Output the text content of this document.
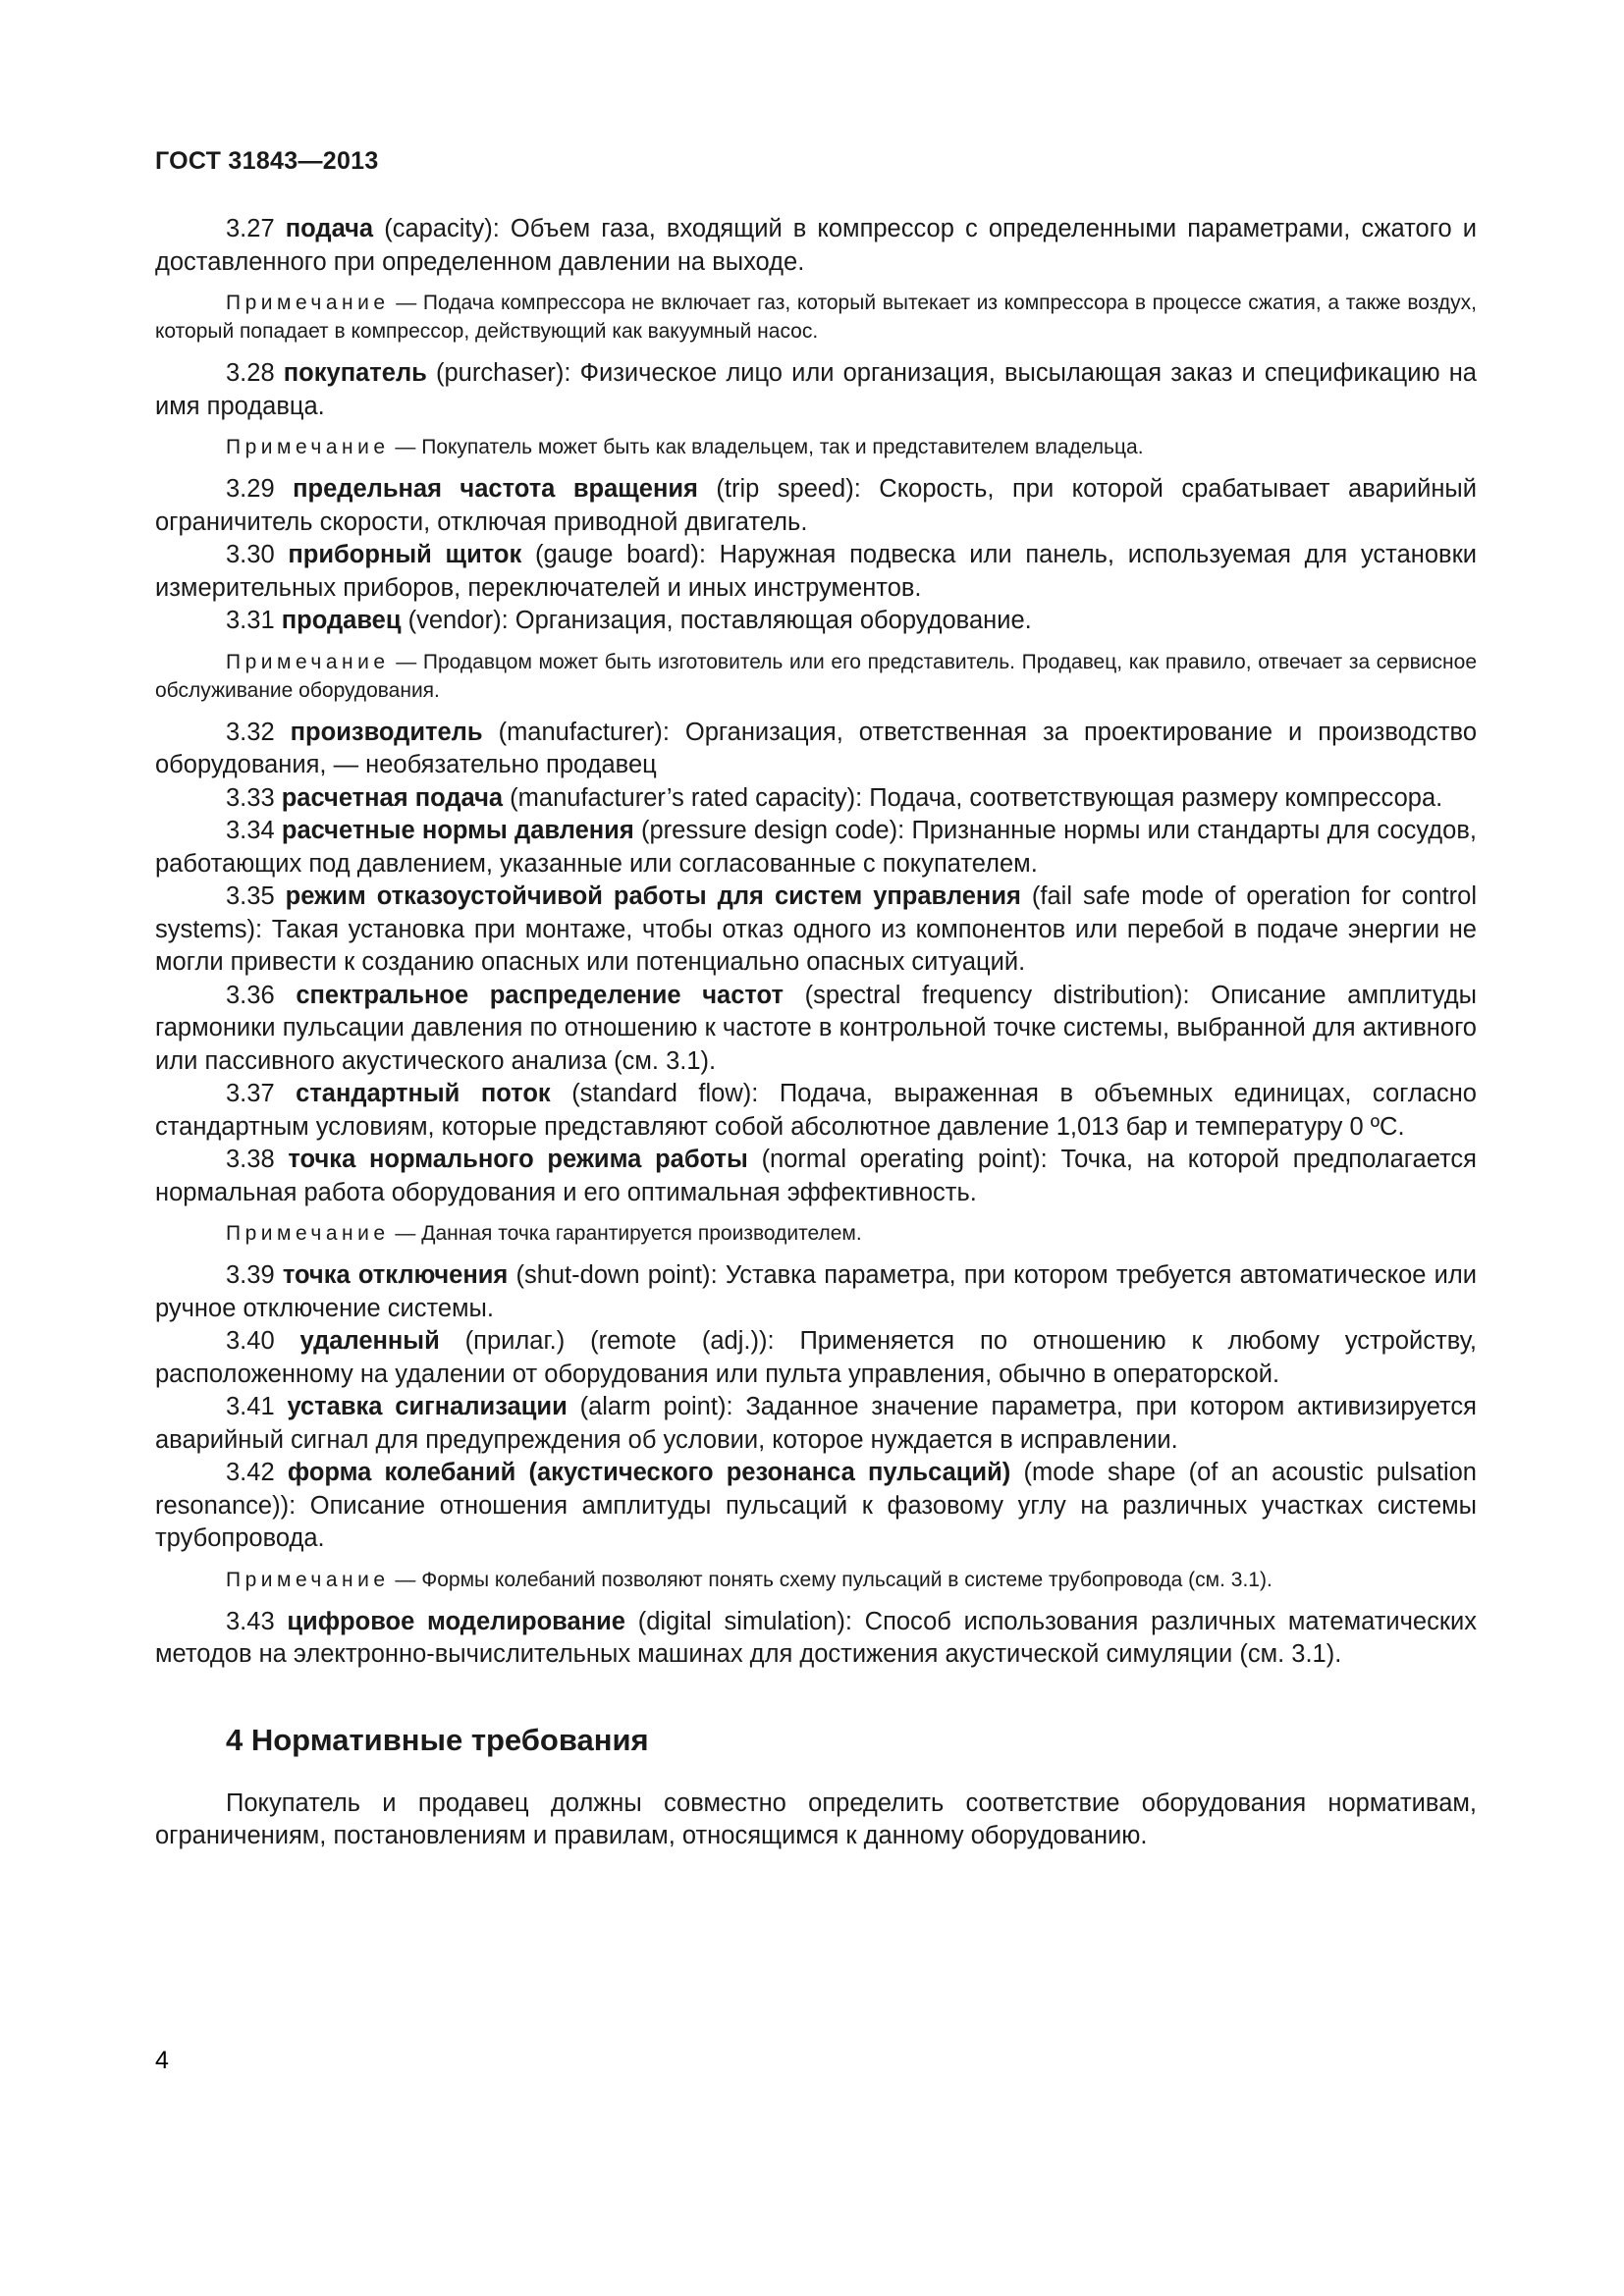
ГОСТ 31843—2013

3.27 подача (capacity): Объем газа, входящий в компрессор с определенными параметрами, сжатого и доставленного при определенном давлении на выходе.

Примечание — Подача компрессора не включает газ, который вытекает из компрессора в процессе сжатия, а также воздух, который попадает в компрессор, действующий как вакуумный насос.

3.28 покупатель (purchaser): Физическое лицо или организация, высылающая заказ и спецификацию на имя продавца.

Примечание — Покупатель может быть как владельцем, так и представителем владельца.

3.29 предельная частота вращения (trip speed): Скорость, при которой срабатывает аварийный ограничитель скорости, отключая приводной двигатель.

3.30 приборный щиток (gauge board): Наружная подвеска или панель, используемая для установки измерительных приборов, переключателей и иных инструментов.

3.31 продавец (vendor): Организация, поставляющая оборудование.

Примечание — Продавцом может быть изготовитель или его представитель. Продавец, как правило, отвечает за сервисное обслуживание оборудования.

3.32 производитель (manufacturer): Организация, ответственная за проектирование и производство оборудования, — необязательно продавец

3.33 расчетная подача (manufacturer’s rated capacity): Подача, соответствующая размеру компрессора.

3.34 расчетные нормы давления (pressure design code): Признанные нормы или стандарты для сосудов, работающих под давлением, указанные или согласованные с покупателем.

3.35 режим отказоустойчивой работы для систем управления (fail safe mode of operation for control systems): Такая установка при монтаже, чтобы отказ одного из компонентов или перебой в подаче энергии не могли привести к созданию опасных или потенциально опасных ситуаций.

3.36 спектральное распределение частот (spectral frequency distribution): Описание амплитуды гармоники пульсации давления по отношению к частоте в контрольной точке системы, выбранной для активного или пассивного акустического анализа (см. 3.1).

3.37 стандартный поток (standard flow): Подача, выраженная в объемных единицах, согласно стандартным условиям, которые представляют собой абсолютное давление 1,013 бар и температуру 0 ºС.

3.38 точка нормального режима работы (normal operating point): Точка, на которой предполагается нормальная работа оборудования и его оптимальная эффективность.

Примечание — Данная точка гарантируется производителем.

3.39 точка отключения (shut-down point): Уставка параметра, при котором требуется автоматическое или ручное отключение системы.

3.40 удаленный (прилаг.) (remote (adj.)): Применяется по отношению к любому устройству, расположенному на удалении от оборудования или пульта управления, обычно в операторской.

3.41 уставка сигнализации (alarm point): Заданное значение параметра, при котором активизируется аварийный сигнал для предупреждения об условии, которое нуждается в исправлении.

3.42 форма колебаний (акустического резонанса пульсаций) (mode shape (of an acoustic pulsation resonance)): Описание отношения амплитуды пульсаций к фазовому углу на различных участках системы трубопровода.

Примечание — Формы колебаний позволяют понять схему пульсаций в системе трубопровода (см. 3.1).

3.43 цифровое моделирование (digital simulation): Способ использования различных математических методов на электронно-вычислительных машинах для достижения акустической симуляции (см. 3.1).

4 Нормативные требования

Покупатель и продавец должны совместно определить соответствие оборудования нормативам, ограничениям, постановлениям и правилам, относящимся к данному оборудованию.

4
